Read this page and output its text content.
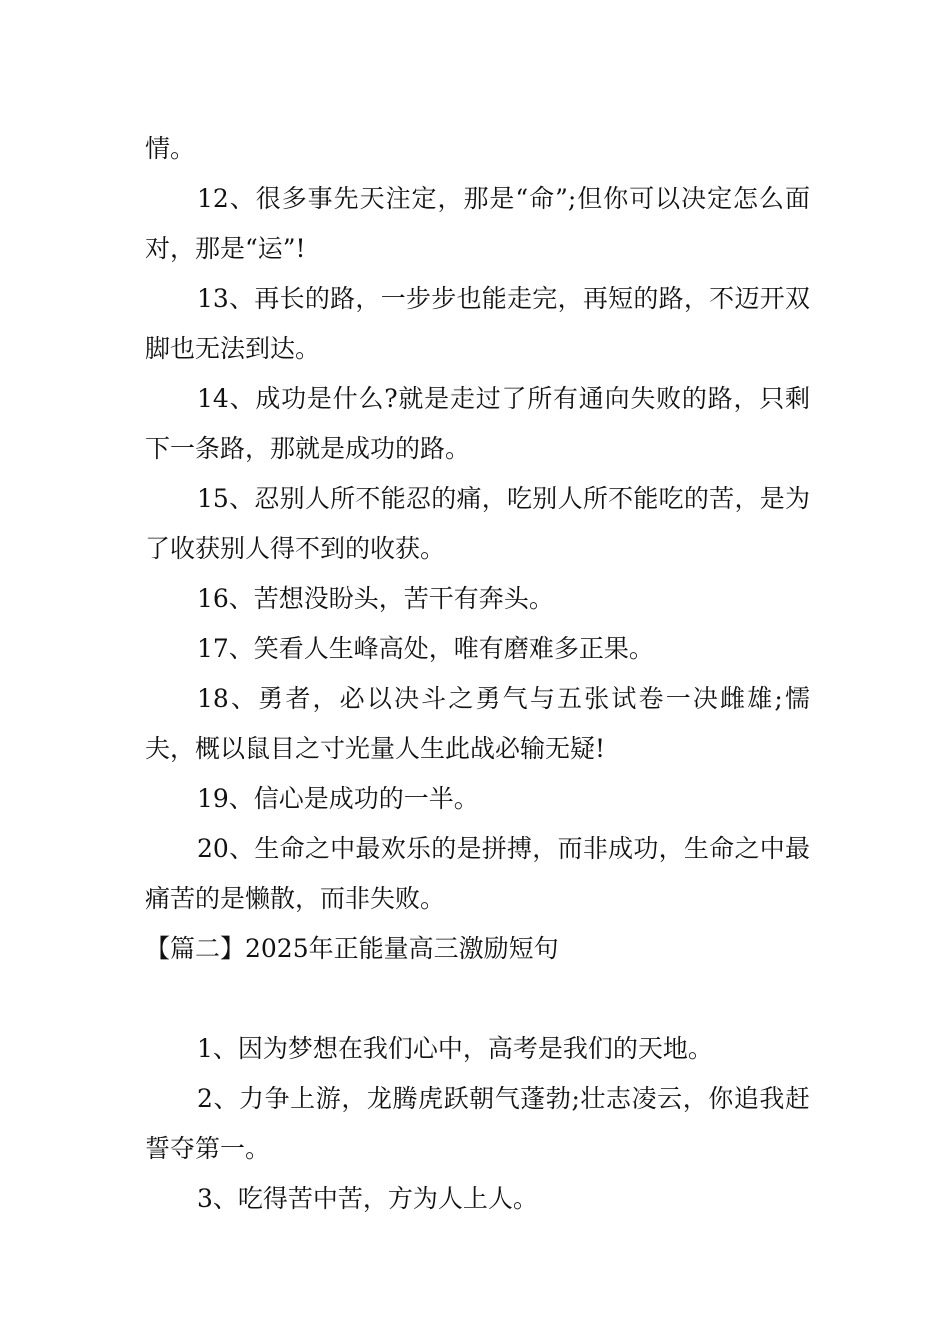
情。

12、很多事先天注定，那是“命”;但你可以决定怎么面对，那是“运”!

13、再长的路，一步步也能走完，再短的路，不迈开双脚也无法到达。

14、成功是什么?就是走过了所有通向失败的路，只剩下一条路，那就是成功的路。

15、忍别人所不能忍的痛，吃别人所不能吃的苦，是为了收获别人得不到的收获。

16、苦想没盼头，苦干有奔头。

17、笑看人生峰高处，唯有磨难多正果。

18、勇者，必以决斗之勇气与五张试卷一决雌雄;懦夫，概以鼠目之寸光量人生此战必输无疑!

19、信心是成功的一半。

20、生命之中最欢乐的是拼搏，而非成功，生命之中最痛苦的是懒散，而非失败。

【篇二】2025年正能量高三激励短句

1、因为梦想在我们心中，高考是我们的天地。

2、力争上游，龙腾虎跃朝气蓬勃;壮志凌云，你追我赶誓夺第一。

3、吃得苦中苦，方为人上人。
